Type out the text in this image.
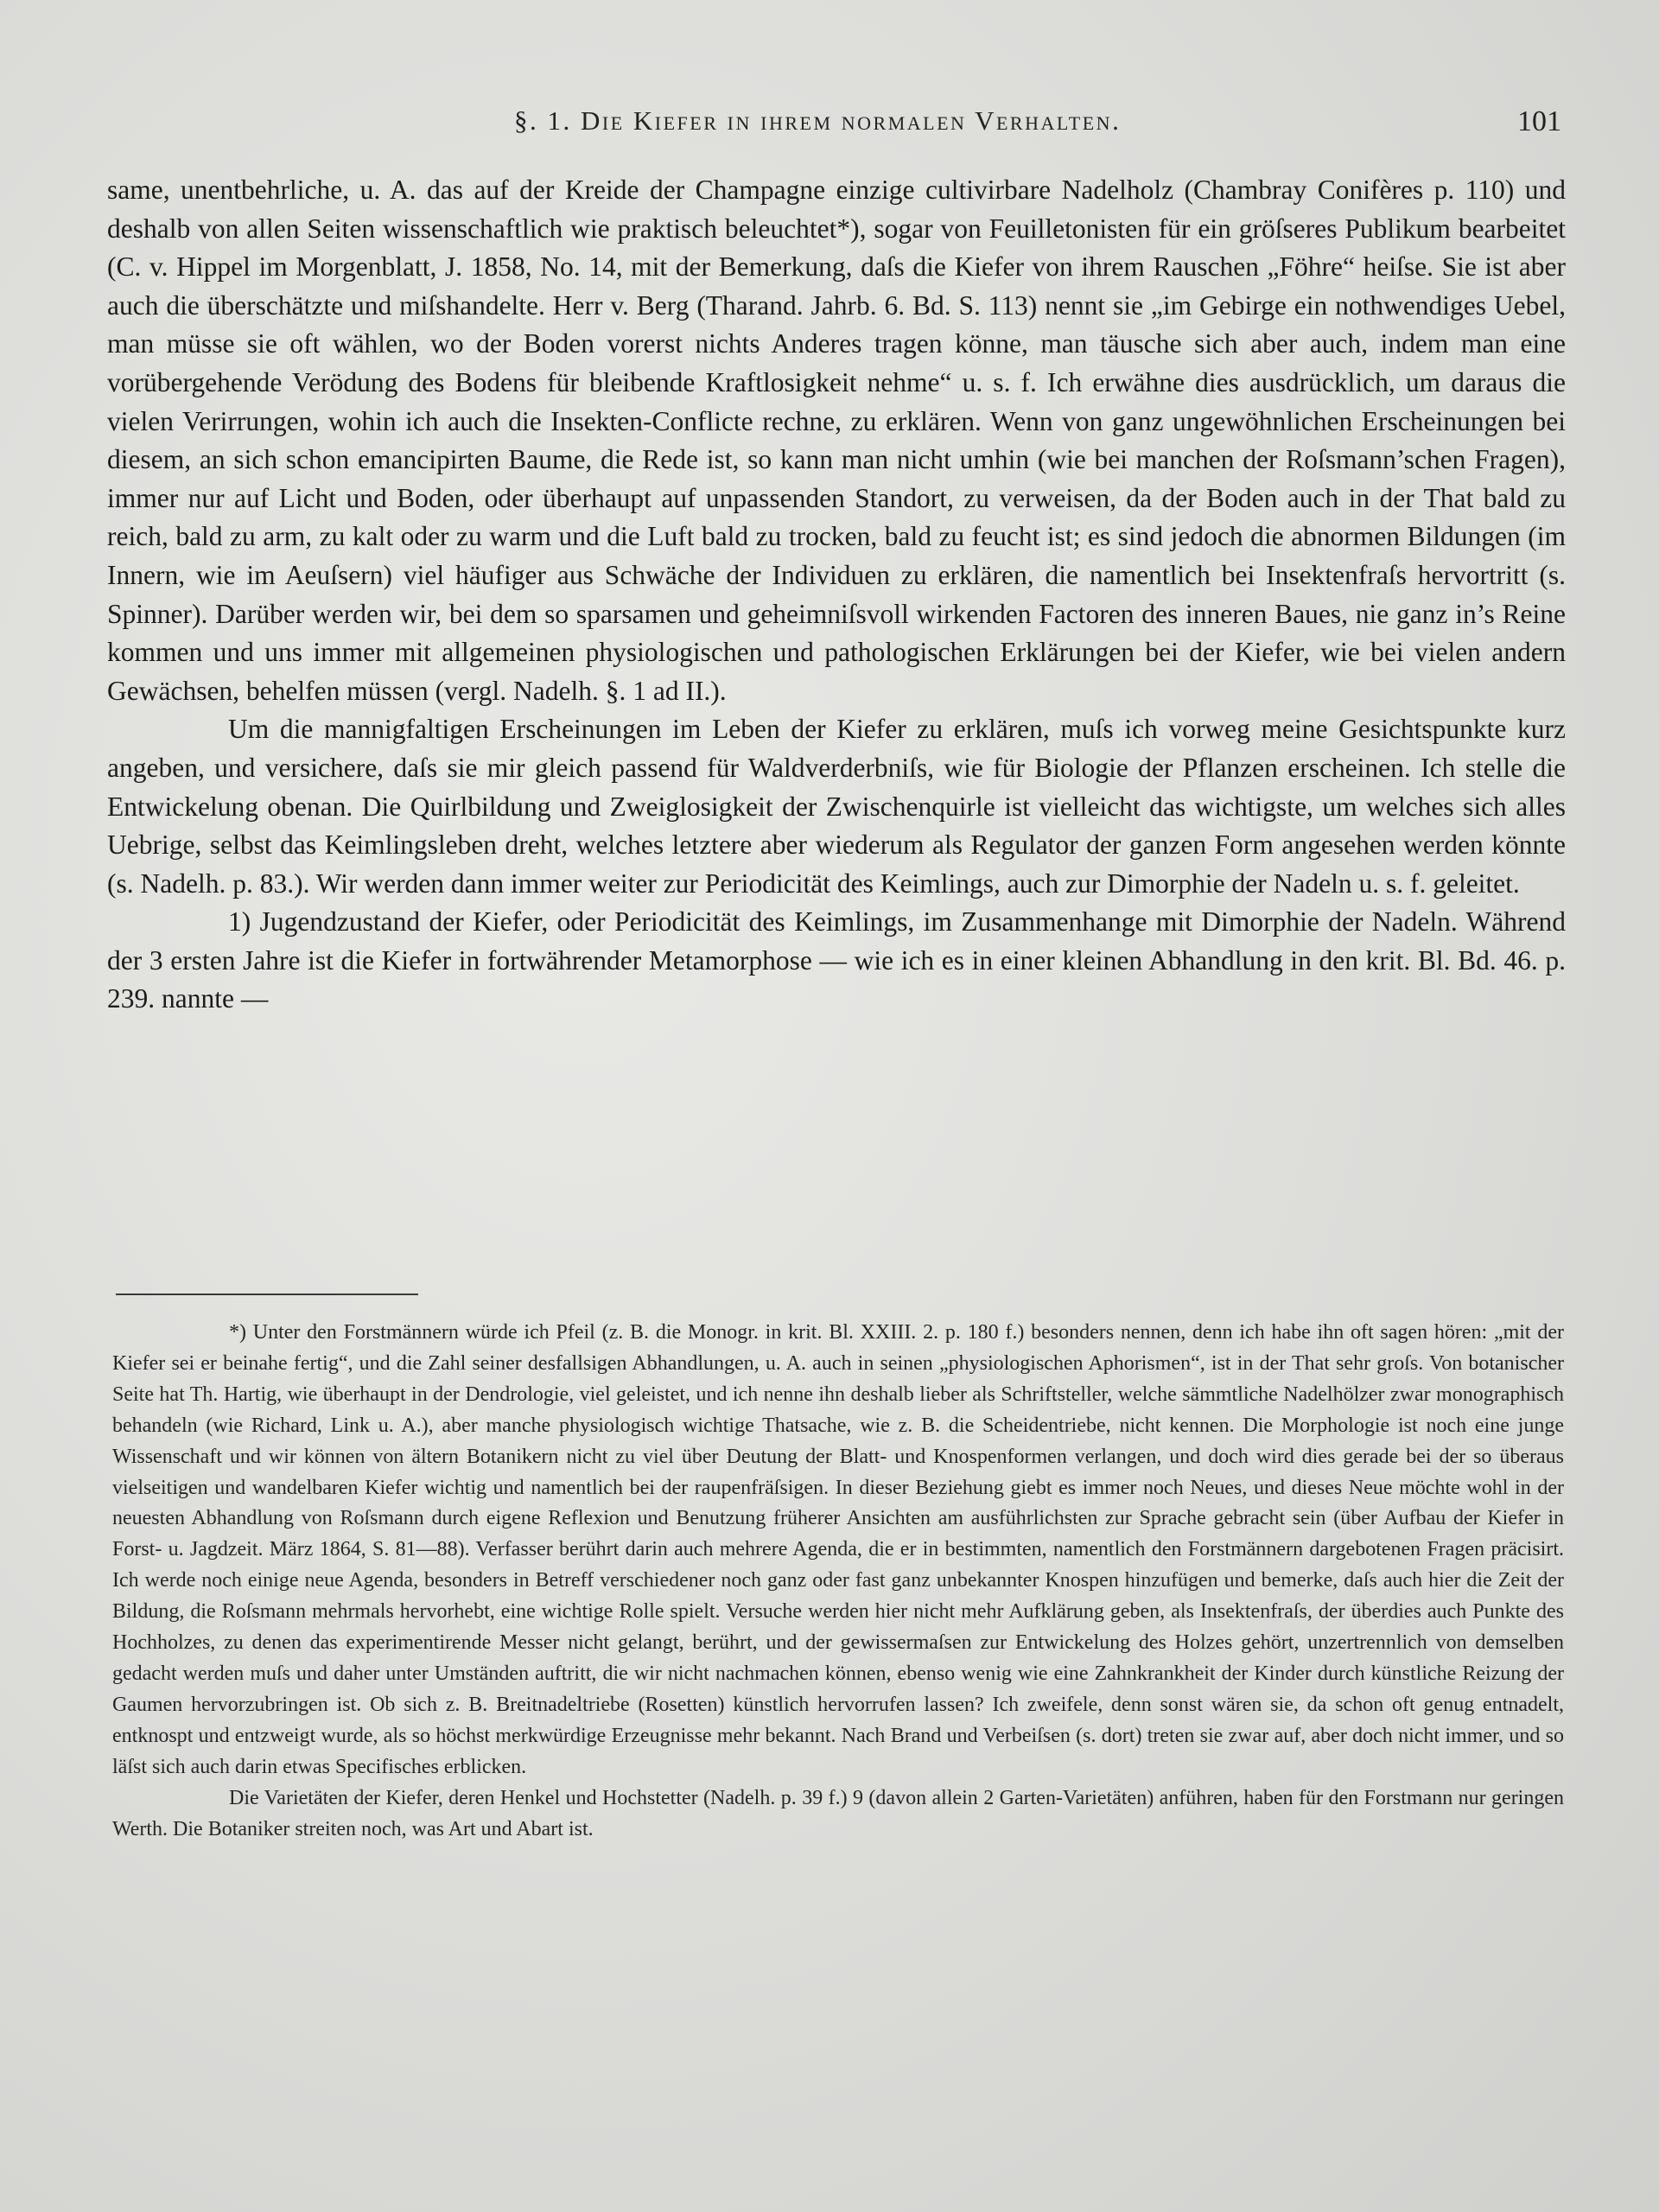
§. 1. Die Kiefer in ihrem normalen Verhalten.	101

same, unentbehrliche, u. A. das auf der Kreide der Champagne einzige cultivirbare Nadelholz (Chambray Conifères p. 110) und deshalb von allen Seiten wissenschaftlich wie praktisch beleuchtet*), sogar von Feuilletonisten für ein gröſseres Publikum bearbeitet (C. v. Hippel im Morgenblatt, J. 1858, No. 14, mit der Bemerkung, daſs die Kiefer von ihrem Rauschen „Föhre“ heiſse. Sie ist aber auch die überschätzte und miſshandelte. Herr v. Berg (Tharand. Jahrb. 6. Bd. S. 113) nennt sie „im Gebirge ein nothwendiges Uebel, man müsse sie oft wählen, wo der Boden vorerst nichts Anderes tragen könne, man täusche sich aber auch, indem man eine vorübergehende Verödung des Bodens für bleibende Kraftlosigkeit nehme“ u. s. f. Ich erwähne dies ausdrücklich, um daraus die vielen Verirrungen, wohin ich auch die Insekten-Conflicte rechne, zu erklären. Wenn von ganz ungewöhnlichen Erscheinungen bei diesem, an sich schon emancipirten Baume, die Rede ist, so kann man nicht umhin (wie bei manchen der Roſsmann’schen Fragen), immer nur auf Licht und Boden, oder überhaupt auf unpassenden Standort, zu verweisen, da der Boden auch in der That bald zu reich, bald zu arm, zu kalt oder zu warm und die Luft bald zu trocken, bald zu feucht ist; es sind jedoch die abnormen Bildungen (im Innern, wie im Aeuſsern) viel häufiger aus Schwäche der Individuen zu erklären, die namentlich bei Insektenfraſs hervortritt (s. Spinner). Darüber werden wir, bei dem so sparsamen und geheimniſsvoll wirkenden Factoren des inneren Baues, nie ganz in’s Reine kommen und uns immer mit allgemeinen physiologischen und pathologischen Erklärungen bei der Kiefer, wie bei vielen andern Gewächsen, behelfen müssen (vergl. Nadelh. §. 1 ad II.).

Um die mannigfaltigen Erscheinungen im Leben der Kiefer zu erklären, muſs ich vorweg meine Gesichtspunkte kurz angeben, und versichere, daſs sie mir gleich passend für Waldverderbniſs, wie für Biologie der Pflanzen erscheinen. Ich stelle die Entwickelung obenan. Die Quirlbildung und Zweiglosigkeit der Zwischenquirle ist vielleicht das wichtigste, um welches sich alles Uebrige, selbst das Keimlingsleben dreht, welches letztere aber wiederum als Regulator der ganzen Form angesehen werden könnte (s. Nadelh. p. 83.). Wir werden dann immer weiter zur Periodicität des Keimlings, auch zur Dimorphie der Nadeln u. s. f. geleitet.

1) Jugendzustand der Kiefer, oder Periodicität des Keimlings, im Zusammenhange mit Dimorphie der Nadeln. Während der 3 ersten Jahre ist die Kiefer in fortwährender Metamorphose — wie ich es in einer kleinen Abhandlung in den krit. Bl. Bd. 46. p. 239. nannte —

*) Unter den Forstmännern würde ich Pfeil (z. B. die Monogr. in krit. Bl. XXIII. 2. p. 180 f.) besonders nennen, denn ich habe ihn oft sagen hören: „mit der Kiefer sei er beinahe fertig“, und die Zahl seiner desfallsigen Abhandlungen, u. A. auch in seinen „physiologischen Aphorismen“, ist in der That sehr groſs. Von botanischer Seite hat Th. Hartig, wie überhaupt in der Dendrologie, viel geleistet, und ich nenne ihn deshalb lieber als Schriftsteller, welche sämmtliche Nadelhölzer zwar monographisch behandeln (wie Richard, Link u. A.), aber manche physiologisch wichtige Thatsache, wie z. B. die Scheidentriebe, nicht kennen. Die Morphologie ist noch eine junge Wissenschaft und wir können von ältern Botanikern nicht zu viel über Deutung der Blatt- und Knospenformen verlangen, und doch wird dies gerade bei der so überaus vielseitigen und wandelbaren Kiefer wichtig und namentlich bei der raupenfräſsigen. In dieser Beziehung giebt es immer noch Neues, und dieses Neue möchte wohl in der neuesten Abhandlung von Roſsmann durch eigene Reflexion und Benutzung früherer Ansichten am ausführlichsten zur Sprache gebracht sein (über Aufbau der Kiefer in Forst- u. Jagdzeit. März 1864, S. 81—88). Verfasser berührt darin auch mehrere Agenda, die er in bestimmten, namentlich den Forstmännern dargebotenen Fragen präcisirt. Ich werde noch einige neue Agenda, besonders in Betreff verschiedener noch ganz oder fast ganz unbekannter Knospen hinzufügen und bemerke, daſs auch hier die Zeit der Bildung, die Roſsmann mehrmals hervorhebt, eine wichtige Rolle spielt. Versuche werden hier nicht mehr Aufklärung geben, als Insektenfraſs, der überdies auch Punkte des Hochholzes, zu denen das experimentirende Messer nicht gelangt, berührt, und der gewissermaſsen zur Entwickelung des Holzes gehört, unzertrennlich von demselben gedacht werden muſs und daher unter Umständen auftritt, die wir nicht nachmachen können, ebenso wenig wie eine Zahnkrankheit der Kinder durch künstliche Reizung der Gaumen hervorzubringen ist. Ob sich z. B. Breitnadeltriebe (Rosetten) künstlich hervorrufen lassen? Ich zweifele, denn sonst wären sie, da schon oft genug entnadelt, entknospt und entzweigt wurde, als so höchst merkwürdige Erzeugnisse mehr bekannt. Nach Brand und Verbeiſsen (s. dort) treten sie zwar auf, aber doch nicht immer, und so läſst sich auch darin etwas Specifisches erblicken.

Die Varietäten der Kiefer, deren Henkel und Hochstetter (Nadelh. p. 39 f.) 9 (davon allein 2 Garten-Varietäten) anführen, haben für den Forstmann nur geringen Werth. Die Botaniker streiten noch, was Art und Abart ist.
